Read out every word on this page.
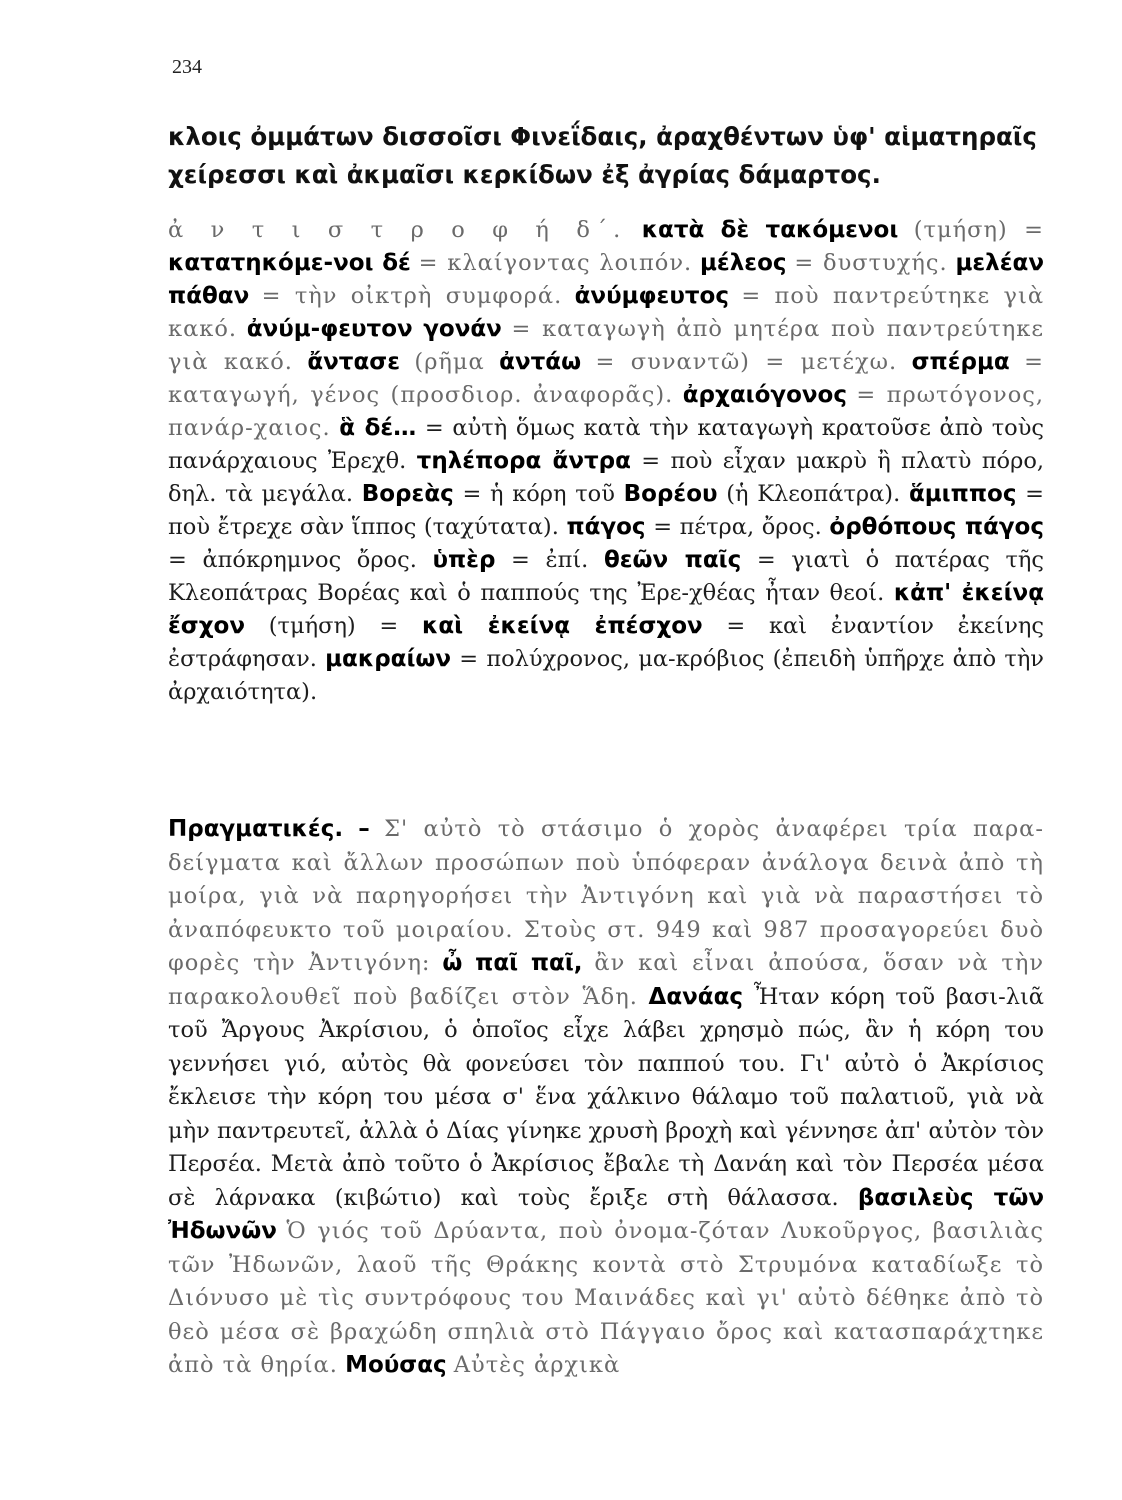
234

κλοις ὀμμάτων δισσοῖσι Φινεΐδαις, ἀραχθέντων ὑφ' αἱματηραῖς

χείρεσσι καὶ ἀκμαῖσι κερκίδων ἐξ ἀγρίας δάμαρτος.

ἀ ν τ ι σ τ ρ ο φ ή δ΄. κατὰ δὲ τακόμενοι (τμήση) = κατατηκόμε-νοι δέ = κλαίγοντας λοιπόν. μέλεος = δυστυχής. μελέαν πάθαν = τὴν οἰκτρὴ συμφορά. ἀνύμφευτος = ποὺ παντρεύτηκε γιὰ κακό. ἀνύμ-φευτον γονάν = καταγωγὴ ἀπὸ μητέρα ποὺ παντρεύτηκε γιὰ κακό. ἄντασε (ρῆμα ἀντάω = συναντῶ) = μετέχω. σπέρμα = καταγωγή, γένος (προσδιορ. ἀναφορᾶς). ἀρχαιόγονος = πρωτόγονος, πανάρ-χαιος. ἃ δέ… = αὐτὴ ὅμως κατὰ τὴν καταγωγὴ κρατοῦσε ἀπὸ τοὺς πανάρχαιους Ἐρεχθ. τηλέπορα ἄντρα = ποὺ εἶχαν μακρὺ ἢ πλατὺ πόρο, δηλ. τὰ μεγάλα. Βορεὰς = ἡ κόρη τοῦ Βορέου (ἡ Κλεοπάτρα). ἅμιππος = ποὺ ἔτρεχε σὰν ἵππος (ταχύτατα). πάγος = πέτρα, ὄρος. ὀρθόπους πάγος = ἀπόκρημνος ὄρος. ὑπὲρ = ἐπί. θεῶν παῖς = γιατὶ ὁ πατέρας τῆς Κλεοπάτρας Βορέας καὶ ὁ παππούς της Ἐρε-χθέας ἦταν θεοί. κἀπ' ἐκείνᾳ ἔσχον (τμήση) = καὶ ἐκείνᾳ ἐπέσχον = καὶ ἐναντίον ἐκείνης ἐστράφησαν. μακραίων = πολύχρονος, μα-κρόβιος (ἐπειδὴ ὑπῆρχε ἀπὸ τὴν ἀρχαιότητα).

Πραγματικές. – Σ' αὐτὸ τὸ στάσιμο ὁ χορὸς ἀναφέρει τρία παρα-δείγματα καὶ ἄλλων προσώπων ποὺ ὑπόφεραν ἀνάλογα δεινὰ ἀπὸ τὴ μοίρα, γιὰ νὰ παρηγορήσει τὴν Ἀντιγόνη καὶ γιὰ νὰ παραστήσει τὸ ἀναπόφευκτο τοῦ μοιραίου. Στοὺς στ. 949 καὶ 987 προσαγορεύει δυὸ φορὲς τὴν Ἀντιγόνη: ὦ παῖ παῖ, ἂν καὶ εἶναι ἀπούσα, ὅσαν νὰ τὴν παρακολουθεῖ ποὺ βαδίζει στὸν Ἅδη. Δανάας Ἦταν κόρη τοῦ βασι-λιᾶ τοῦ Ἄργους Ἀκρίσιου, ὁ ὁποῖος εἶχε λάβει χρησμὸ πώς, ἂν ἡ κόρη του γεννήσει γιό, αὐτὸς θὰ φονεύσει τὸν παππού του. Γι' αὐτὸ ὁ Ἀκρίσιος ἔκλεισε τὴν κόρη του μέσα σ' ἕνα χάλκινο θάλαμο τοῦ παλατιοῦ, γιὰ νὰ μὴν παντρευτεῖ, ἀλλὰ ὁ Δίας γίνηκε χρυσὴ βροχὴ καὶ γέννησε ἀπ' αὐτὸν τὸν Περσέα. Μετὰ ἀπὸ τοῦτο ὁ Ἀκρίσιος ἔβαλε τὴ Δανάη καὶ τὸν Περσέα μέσα σὲ λάρνακα (κιβώτιο) καὶ τοὺς ἔριξε στὴ θάλασσα. βασιλεὺς τῶν Ἠδωνῶν Ὁ γιός τοῦ Δρύαντα, ποὺ ὀνομα-ζόταν Λυκοῦργος, βασιλιὰς τῶν Ἠδωνῶν, λαοῦ τῆς Θράκης κοντὰ στὸ Στρυμόνα καταδίωξε τὸ Διόνυσο μὲ τὶς συντρόφους του Μαινάδες καὶ γι' αὐτὸ δέθηκε ἀπὸ τὸ θεὸ μέσα σὲ βραχώδη σπηλιὰ στὸ Πάγγαιο ὄρος καὶ κατασπαράχτηκε ἀπὸ τὰ θηρία. Μούσας Αὐτὲς ἀρχικὰ
